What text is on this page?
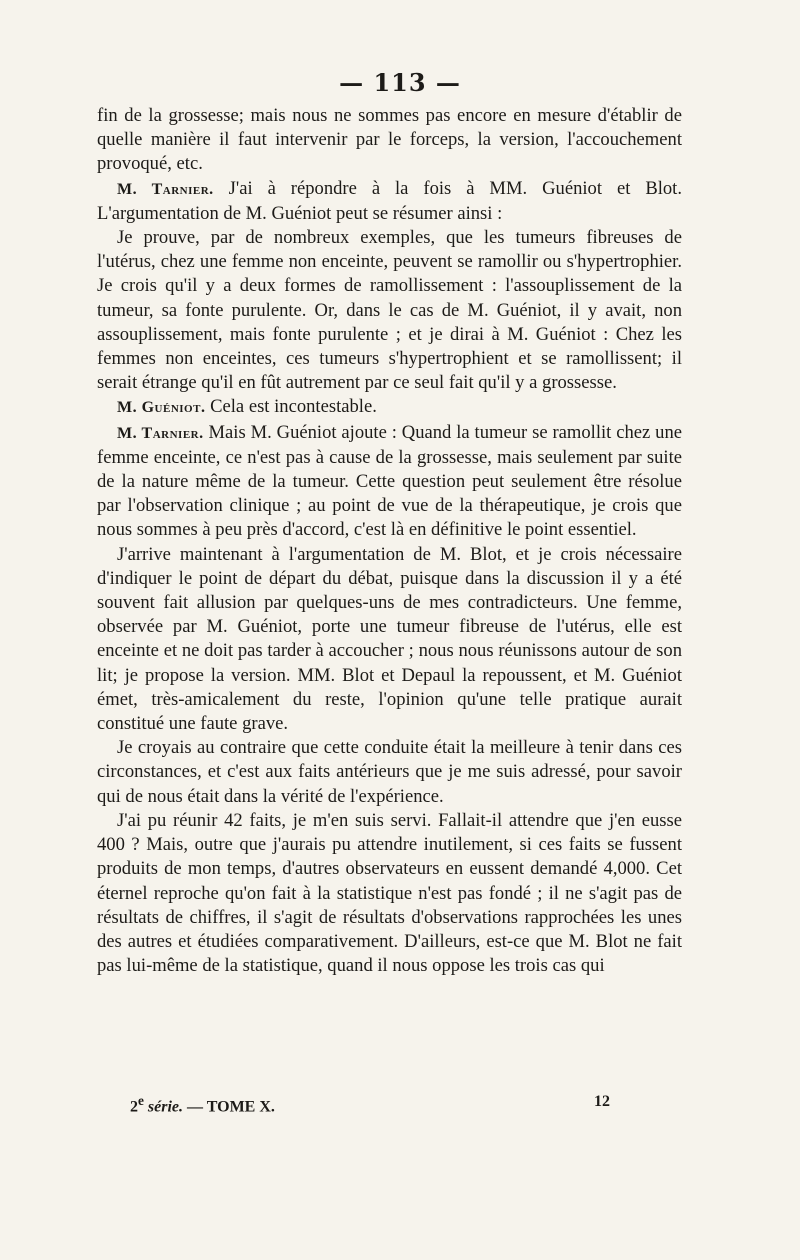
— 113 —

fin de la grossesse; mais nous ne sommes pas encore en mesure d'établir de quelle manière il faut intervenir par le forceps, la version, l'accouchement provoqué, etc.

M. Tarnier. J'ai à répondre à la fois à MM. Guéniot et Blot. L'argumentation de M. Guéniot peut se résumer ainsi :

Je prouve, par de nombreux exemples, que les tumeurs fibreuses de l'utérus, chez une femme non enceinte, peuvent se ramollir ou s'hypertrophier. Je crois qu'il y a deux formes de ramollissement : l'assouplissement de la tumeur, sa fonte purulente. Or, dans le cas de M. Guéniot, il y avait, non assouplissement, mais fonte purulente ; et je dirai à M. Guéniot : Chez les femmes non enceintes, ces tumeurs s'hypertrophient et se ramollissent; il serait étrange qu'il en fût autrement par ce seul fait qu'il y a grossesse.

M. Guéniot. Cela est incontestable.

M. Tarnier. Mais M. Guéniot ajoute : Quand la tumeur se ramollit chez une femme enceinte, ce n'est pas à cause de la grossesse, mais seulement par suite de la nature même de la tumeur. Cette question peut seulement être résolue par l'observation clinique ; au point de vue de la thérapeutique, je crois que nous sommes à peu près d'accord, c'est là en définitive le point essentiel.

J'arrive maintenant à l'argumentation de M. Blot, et je crois nécessaire d'indiquer le point de départ du débat, puisque dans la discussion il y a été souvent fait allusion par quelques-uns de mes contradicteurs. Une femme, observée par M. Guéniot, porte une tumeur fibreuse de l'utérus, elle est enceinte et ne doit pas tarder à accoucher ; nous nous réunissons autour de son lit; je propose la version. MM. Blot et Depaul la repoussent, et M. Guéniot émet, très-amicalement du reste, l'opinion qu'une telle pratique aurait constitué une faute grave.

Je croyais au contraire que cette conduite était la meilleure à tenir dans ces circonstances, et c'est aux faits antérieurs que je me suis adressé, pour savoir qui de nous était dans la vérité de l'expérience.

J'ai pu réunir 42 faits, je m'en suis servi. Fallait-il attendre que j'en eusse 400 ? Mais, outre que j'aurais pu attendre inutilement, si ces faits se fussent produits de mon temps, d'autres observateurs en eussent demandé 4,000. Cet éternel reproche qu'on fait à la statistique n'est pas fondé ; il ne s'agit pas de résultats de chiffres, il s'agit de résultats d'observations rapprochées les unes des autres et étudiées comparativement. D'ailleurs, est-ce que M. Blot ne fait pas lui-même de la statistique, quand il nous oppose les trois cas qui

2e série. — TOME X.	12
